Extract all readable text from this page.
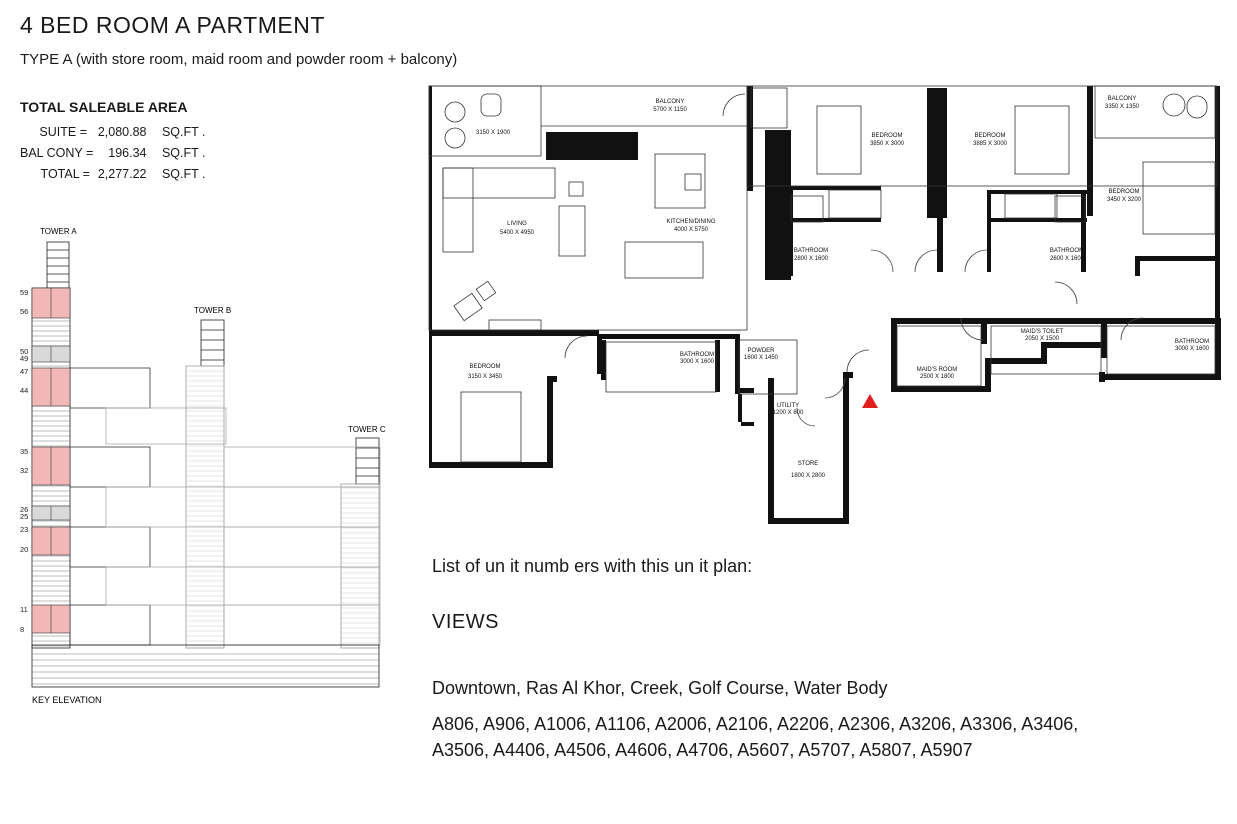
4 BED ROOM A PARTMENT
TYPE A (with store room, maid room and powder room + balcony)
TOTAL SALEABLE AREA
SUITE = 2,080.88 SQ.FT .
BAL CONY = 196.34 SQ.FT .
TOTAL = 2,277.22 SQ.FT .
TOWER A
TOWER B
TOWER C
KEY ELEVATION
59
56
50
49
47
44
35
32
26
25
23
20
11
8
BALCONY
5700 X 1150
3150 X 1900
LIVING
5400 X 4950
KITCHEN/DINING
4000 X 5750
BEDROOM
3850 X 3000
BEDROOM
3885 X 3000
BALCONY
3350 X 1350
BEDROOM
3450 X 3200
BATHROOM
2800 X 1600
BATHROOM
2600 X 1600
BEDROOM
3150 X 3450
BATHROOM
3000 X 1600
POWDER
1600 X 1450
UTILITY
1200 X 800
STORE
1800 X 2800
MAID'S TOILET
2050 X 1500
MAID'S ROOM
2500 X 1800
BATHROOM
3000 X 1600
List of un it numb ers with this un it plan:
VIEWS
Downtown, Ras Al Khor, Creek, Golf Course, Water Body
A806, A906, A1006, A1106, A2006, A2106, A2206, A2306, A3206, A3306, A3406, A3506, A4406, A4506, A4606, A4706, A5607, A5707, A5807, A5907
